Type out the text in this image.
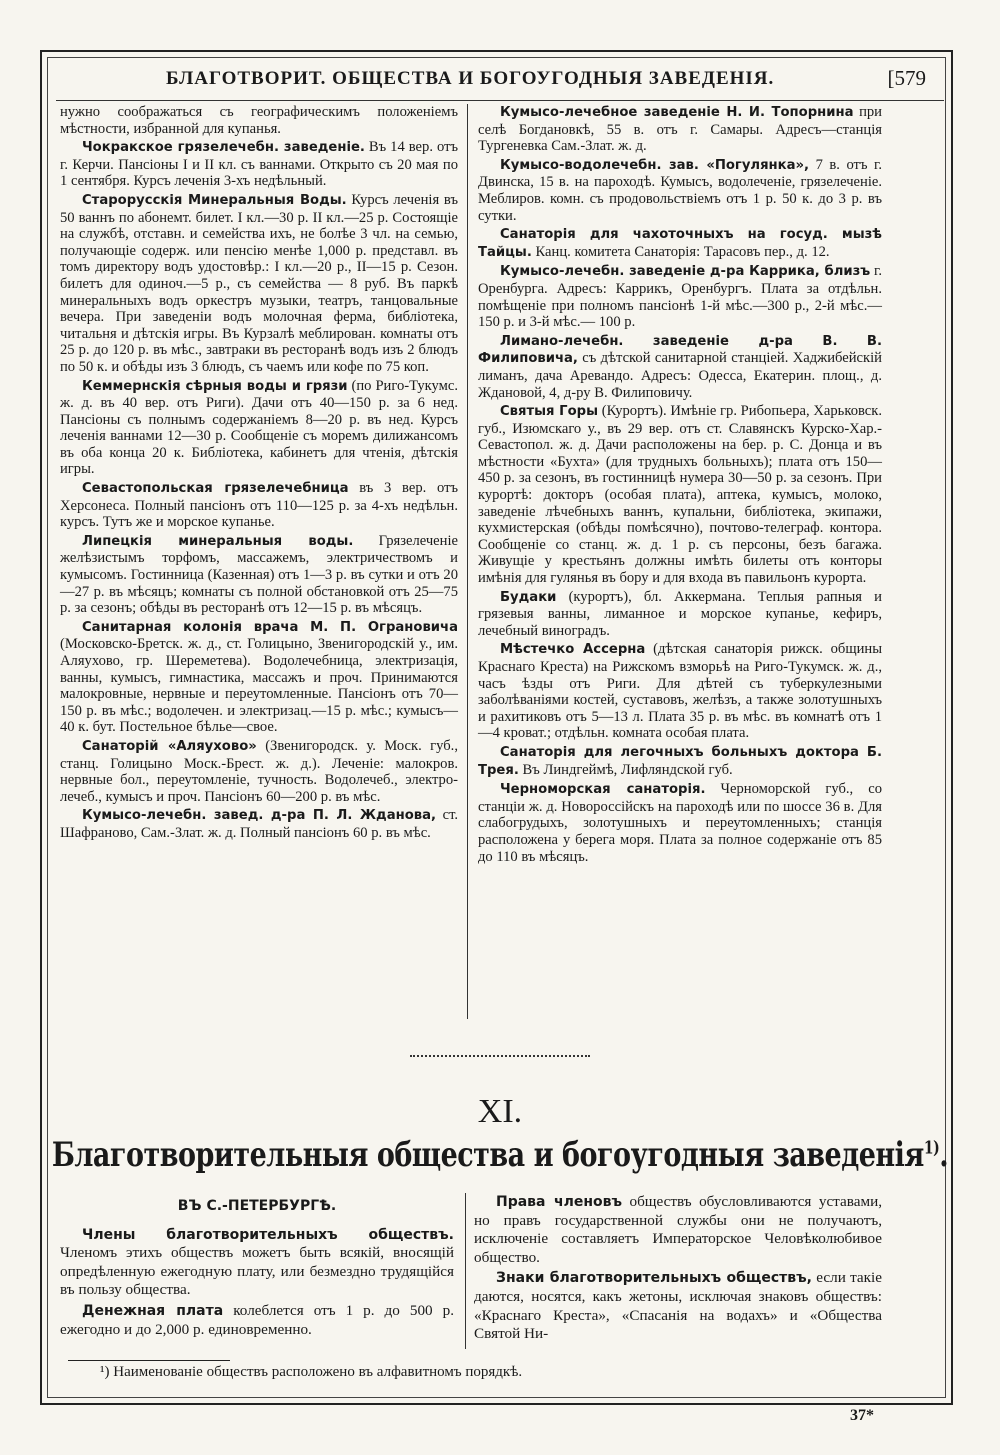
БЛАГОТВОРИТ. ОБЩЕСТВА И БОГОУГОДНЫЯ ЗАВЕДЕНІЯ.	[579

нужно соображаться съ географическимъ положеніемъ мѣстности, избранной для купанья.

Чокракское грязелечебн. заведеніе. Въ 14 вер. отъ г. Керчи. Пансіоны I и II кл. съ ваннами. Открыто съ 20 мая по 1 сентября. Курсъ леченія 3-хъ недѣльный.

Старорусскія Минеральныя Воды. Курсъ леченія въ 50 ваннъ по абонемт. билет. I кл.—30 р. II кл.—25 р. Состоящіе на службѣ, отставн. и семейства ихъ, не болѣе 3 чл. на семью, получающіе содерж. или пенсію менѣе 1,000 р. представл. въ томъ директору водъ удостовѣр.: I кл.—20 р., II—15 р. Сезон. билетъ для одиноч.—5 р., съ семейства — 8 руб. Въ паркѣ минеральныхъ водъ оркестръ музыки, театръ, танцовальные вечера. При заведеніи водъ молочная ферма, библіотека, читальня и дѣтскія игры. Въ Курзалѣ меблирован. комнаты отъ 25 р. до 120 р. въ мѣс., завтраки въ ресторанѣ водъ изъ 2 блюдъ по 50 к. и обѣды изъ 3 блюдъ, съ чаемъ или кофе по 75 коп.

Кеммернскія сѣрныя воды и грязи (по Риго-Тукумс. ж. д. въ 40 вер. отъ Риги). Дачи отъ 40—150 р. за 6 нед. Пансіоны съ полнымъ содержаніемъ 8—20 р. въ нед. Курсъ леченія ваннами 12—30 р. Сообщеніе съ моремъ дилижансомъ въ оба конца 20 к. Библіотека, кабинетъ для чтенія, дѣтскія игры.

Севастопольская грязелечебница въ 3 вер. отъ Херсонеса. Полный пансіонъ отъ 110—125 р. за 4-хъ недѣльн. курсъ. Тутъ же и морское купанье.

Липецкія минеральныя воды. Грязелеченіе желѣзистымъ торфомъ, массажемъ, электричествомъ и кумысомъ. Гостинница (Казенная) отъ 1—3 р. въ сутки и отъ 20—27 р. въ мѣсяцъ; комнаты съ полной обстановкой отъ 25—75 р. за сезонъ; обѣды въ ресторанѣ отъ 12—15 р. въ мѣсяцъ.

Санитарная колонія врача М. П. Ограновича (Московско-Бретск. ж. д., ст. Голицыно, Звенигородскій у., им. Аляухово, гр. Шереметева). Водолечебница, электризація, ванны, кумысъ, гимнастика, массажъ и проч. Принимаются малокровные, нервные и переутомленные. Пансіонъ отъ 70—150 р. въ мѣс.; водолечен. и электризац.—15 р. мѣс.; кумысъ—40 к. бут. Постельное бѣлье—свое.

Санаторій «Аляухово» (Звенигородск. у. Моск. губ., станц. Голицыно Моск.-Брест. ж. д.). Леченіе: малокров. нервные бол., переутомленіе, тучность. Водолечеб., электро-лечеб., кумысъ и проч. Пансіонъ 60—200 р. въ мѣс.

Кумысо-лечебн. завед. д-ра П. Л. Жданова, ст. Шафраново, Сам.-Злат. ж. д. Полный пансіонъ 60 р. въ мѣс.

Кумысо-лечебное заведеніе Н. И. Топорнина при селѣ Богдановкѣ, 55 в. отъ г. Самары. Адресъ—станція Тургеневка Сам.-Злат. ж. д.

Кумысо-водолечебн. зав. «Погулянка», 7 в. отъ г. Двинска, 15 в. на пароходѣ. Кумысъ, водолеченіе, грязелеченіе. Меблиров. комн. съ продовольствіемъ отъ 1 р. 50 к. до 3 р. въ сутки.

Санаторія для чахоточныхъ на госуд. мызѣ Тайцы. Канц. комитета Санаторія: Тарасовъ пер., д. 12.

Кумысо-лечебн. заведеніе д-ра Каррика, близъ г. Оренбурга. Адресъ: Каррикъ, Оренбургъ. Плата за отдѣльн. помѣщеніе при полномъ пансіонѣ 1-й мѣс.—300 р., 2-й мѣс.— 150 р. и 3-й мѣс.— 100 р.

Лимано-лечебн. заведеніе д-ра В. В. Филиповича, съ дѣтской санитарной станціей. Хаджибейскій лиманъ, дача Аревандо. Адресъ: Одесса, Екатерин. площ., д. Ждановой, 4, д-ру В. Филиповичу.

Святыя Горы (Курортъ). Имѣніе гр. Рибопьера, Харьковск. губ., Изюмскаго у., въ 29 вер. отъ ст. Славянскъ Курско-Хар.-Севастопол. ж. д. Дачи расположены на бер. р. С. Донца и въ мѣстности «Бухта» (для трудныхъ больныхъ); плата отъ 150—450 р. за сезонъ, въ гостинницѣ нумера 30—50 р. за сезонъ. При курортѣ: докторъ (особая плата), аптека, кумысъ, молоко, заведеніе лѣчебныхъ ваннъ, купальни, библіотека, экипажи, кухмистерская (обѣды помѣсячно), почтово-телеграф. контора. Сообщеніе со станц. ж. д. 1 р. съ персоны, безъ багажа. Живущіе у крестьянъ должны имѣть билеты отъ конторы имѣнія для гулянья въ бору и для входа въ павильонъ курорта.

Будаки (курортъ), бл. Аккермана. Теплыя рапныя и грязевыя ванны, лиманное и морское купанье, кефиръ, лечебный виноградъ.

Мѣстечко Ассерна (дѣтская санаторія рижск. общины Краснаго Креста) на Рижскомъ взморьѣ на Риго-Тукумск. ж. д., часъ ѣзды отъ Риги. Для дѣтей съ туберкулезными заболѣваніями костей, суставовъ, желѣзъ, а также золотушныхъ и рахитиковъ отъ 5—13 л. Плата 35 р. въ мѣс. въ комнатѣ отъ 1—4 кроват.; отдѣльн. комната особая плата.

Санаторія для легочныхъ больныхъ доктора Б. Трея. Въ Линдгеймѣ, Лифляндской губ.

Черноморская санаторія. Черноморской губ., со станціи ж. д. Новороссійскъ на пароходѣ или по шоссе 36 в. Для слабогрудыхъ, золотушныхъ и переутомленныхъ; станція расположена у берега моря. Плата за полное содержаніе отъ 85 до 110 въ мѣсяцъ.

XI.
Благотворительныя общества и богоугодныя заведенія$^{1)}$.
ВЪ С.-ПЕТЕРБУРГѢ.

Члены благотворительныхъ обществъ. Членомъ этихъ обществъ можетъ быть всякій, вносящій опредѣленную ежегодную плату, или безмездно трудящійся въ пользу общества.

Денежная плата колеблется отъ 1 р. до 500 р. ежегодно и до 2,000 р. единовременно.

Права членовъ обществъ обусловливаются уставами, но правъ государственной службы они не получаютъ, исключеніе составляетъ Императорское Человѣколюбивое общество.

Знаки благотворительныхъ обществъ, если такіе даются, носятся, какъ жетоны, исключая знаковъ обществъ: «Краснаго Креста», «Спасанія на водахъ» и «Общества Святой Ни-

¹) Наименованіе обществъ расположено въ алфавитномъ порядкѣ.
37*
